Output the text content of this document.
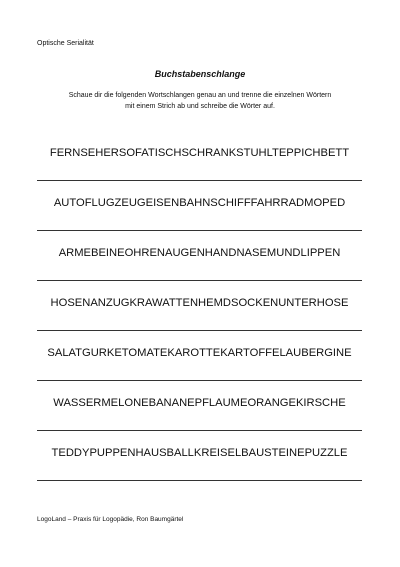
Optische Serialität
Buchstabenschlange
Schaue dir die folgenden Wortschlangen genau an und trenne die einzelnen Wörtern
mit einem Strich ab und schreibe die Wörter auf.
FERNSEHERSOFATISCHSCHRANKSTUHLTEPPICHBETT
AUTOFLUGZEUGEISENBAHNSCHIFFFAHRRADMOPED
ARMEBEINEOHRENAUGENHANDNASEMUNDLIPPEN
HOSENANZUGKRAWATTENHEMDSOCKENUNTERHOSE
SALATGURKETOMATEKAROTTEKARTOFFELAUBERGINE
WASSERMELONEBANANEPFLAUMEORANGEKIRSCHE
TEDDYPUPPENHAUSBALLKREISELBAUSTEINEPUZZLE
LogoLand – Praxis für Logopädie, Ron Baumgärtel
